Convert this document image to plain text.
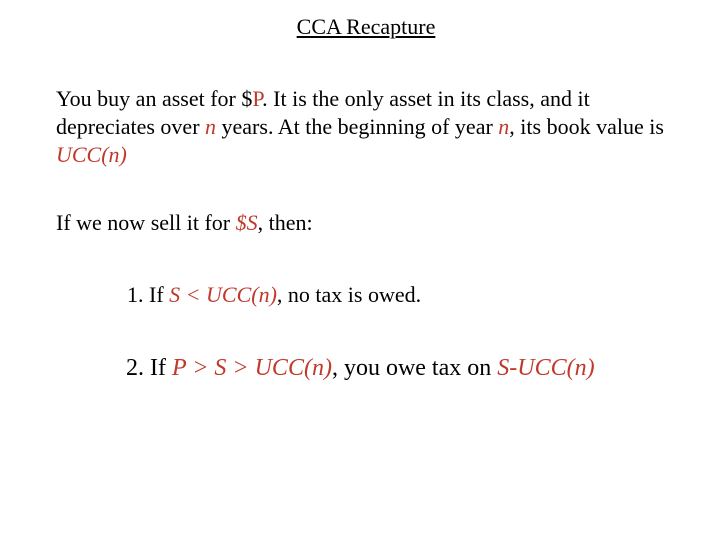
CCA Recapture
You buy an asset for $P. It is the only asset in its class, and it depreciates over n years. At the beginning of year n, its book value is UCC(n)
If we now sell it for $S, then:
1. If S < UCC(n), no tax is owed.
2. If P > S > UCC(n), you owe tax on S-UCC(n)
